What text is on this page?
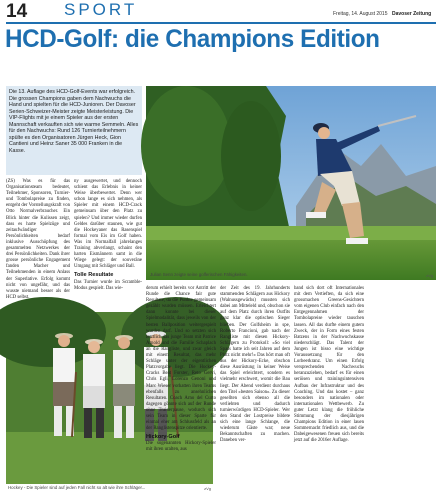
14 SPORT	Freitag, 14. August 2015 Davoser Zeitung
HCD-Golf: die Champions Edition
Die 13. Auflage des HCD-Golf-Events war erfolgreich. Die grossen Champions gaben dem Nachwuchs die Hand und spielten für die HCD-Junioren. Der Davoser Serien-Schweizer-Meister zeigte Meisterleistung. Die VIP-Flights mit je einem Spieler aus der ersten Mannschaft verkauften sich wie warme Semmeln. Alles für den Nachwuchs: Rund 126 Turnierteilnehmern spülte es den Organisatoren Jürgen Heck, Gion Cantieni und Heinz Saner 35 000 Franken in die Kasse.
Julian Senn zeigte seine golferischen Fähigkeiten.	zVg
(ZS) Was es für das Organisationsteam bedeutet, Teilnehmer, Sponsoren, Turnier- und Tombolapreise zu finden, entgeht der Vorstellungskraft von Otto Normalverbraucher. Ein Blick hinter die Kulissen zeigt, dass es harte Spielzüge und zeitaufwändiger Persönlichkeiten bedarf inklusive Ausschöpfung des gesammelten Netzwerkes der drei Persönlichkeiten. Dank ihrer grosse persönliche Engagement fanden Macher und Teilnehmenden in einem Anlass der Superlative. Erfolg kommt nicht von ungefähr, und das wusste niemand besser als der HCD selbst.
ny ausgewertet, und dennoch schient das Erlebnis in keiner Weise überbewertet. Denn wer schon lange es sich nehmen, als Spieler mit einem HCD-Crack gemeinsam über den Platz zu spielen? Und immer wieder durfen Geldes darüber staunen, wie gut die Hockeyaner das Rasenspiel formal vom Eis im Golf haben. Was im Normalfall jahrelanges Training abverlangt, schaint den harten Eismännern samt in die Wiege gelegt: der souveräne Umgang mit Schläger und Ball.
Tolle Resultate
Das Turnier wurde im Scramble-Modus gespielt. Das wie-
Hockey - Die Spieler sind auf jeden Fall nicht so alt wie ihre Schläger...	zVg
derum erhielt bereits vor Antritt der Runde die Chance fair gute Resultate, da die Punkte gemeinsam gezählt wurden müssen. Erleichtert dann konnte bei dieser Spielmodalität, dass jeweils von der besten Ballposition weitergespielt wurden darf. Und so setzten sich letztlich das junge Team mit Patrice Arnold und die Familie Schaplach an die Rangliste, und zwar gleich mit einem Resultat, das mehr Schläge unter der eigentlichen Platzvorgabe liegt. Die Hockey-Cracks Beat Forster, Reto Gervi, Chris Egli, Lorenzo Genoni und Marc Wieser vorhatten ihren Teams ebenfalls zu ansehnlichen Resultaten. Coach Arno del Curto dagegen gönnte sich auf der Runde ohne Trainerpause, wodurch sich sein Team in dieser Sparte für einmal eher am Schlussfeld als an der Ranglistenspitze orientierte.
Hickory-Golf
Die sogenannten Hickory-Spieler mit ihren uralten, aus
der Zeit des 19. Jahrhunderts stammenden Schlägern aus Hickory (Walnussgewächs) mussten sich dabei am Mitteleld und, obschon sie auf dem Platz durch ihren Outfits ganz klar die optischen Sieger blieben. Der Golfsheim in spe, Roberto Francioni, gab nach der Rangliste mit diesen Hickory-Schlägern zu Protokoll: «So viel Spass hatte ich seit Jahren auf dem Platz nicht mehr!» Das hört man oft aus der Hickory-Ecke, obschon diese Ausrüstung in keiner Weise das Spiel erleichtert, sondern es vielmehr erschwert, womit die Bau liegt. Der Abend verdient durchaus den Titel «besten Saison». Zu dieser gesellten sich ebenso all die verliehten und dadurch turnierwürdigen HCD-Spieler. Wer den Stand der Lostpreise bildete sich eine lange Schlange, die wiederum Gäste war; neue Bekanntschaften zu machen. Daneben ver-
band sich dort oft Internationales mit dem Vertieften, da sich eine grossmachen Greens-Gesichtern vom eigenen Club einfach nach den Entgegennahmen der Tombolapreise wieder tauschen lassen. All das durfte einem gutem Zweck, der in Form eines festen Batzens in der Nachwuchskasse niederschlägt. Das Talent der Jungen ist bisso eine wichtige Voraussetzung für den Lorbeerkranz. Um einen Erfolg versprechenden Nachwuchs heranzuziehen, bedarf es für einen seriösen und trainingsintensiven Aufbau der Infrastruktur und des Coaching. Und das kostet – ganz besonders im nationalen oder internationalen Wettbewerb. Zu guter Letzt klang die fröhliche Stimmung der diesjährigen Champions Edition in einer lauen Sommernacht friedlich aus, und die Dabeigewesenen freuen sich bereits jetzt auf die 2016er Auflage.
